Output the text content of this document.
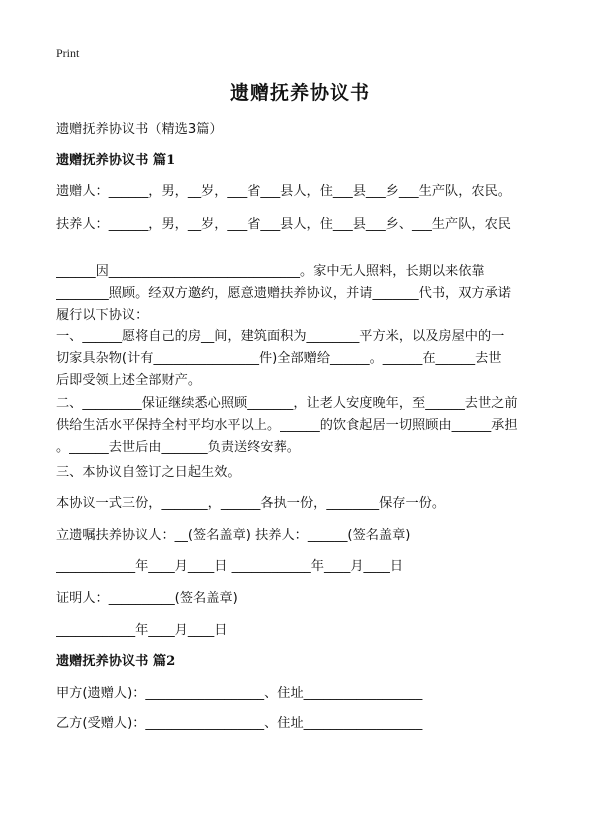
Print
遗赠抚养协议书
遗赠抚养协议书（精选3篇）
遗赠抚养协议书 篇1
遗赠人：______，男，__岁，___省___县人，住___县___乡___生产队，农民。
扶养人：______，男，__岁，___省___县人，住___县___乡、___生产队，农民
______因_____________________________。家中无人照料，长期以来依靠
________照顾。经双方邀约，愿意遗赠扶养协议，并请_______代书，双方承诺
履行以下协议：
一、______愿将自己的房__间，建筑面积为________平方米，以及房屋中的一
切家具杂物(计有________________件)全部赠给______。______在______去世
后即受领上述全部财产。
二、_________保证继续悉心照顾_______，让老人安度晚年，至______去世之前
供给生活水平保持全村平均水平以上。______的饮食起居一切照顾由______承担
。______去世后由_______负责送终安葬。
三、本协议自签订之日起生效。
本协议一式三份，_______，______各执一份，________保存一份。
立遗嘱扶养协议人：__(签名盖章) 扶养人：______(签名盖章)
____________年____月____日 ____________年____月____日
证明人：__________(签名盖章)
____________年____月____日
遗赠抚养协议书 篇2
甲方(遗赠人)：__________________、住址__________________
乙方(受赠人)：__________________、住址__________________
